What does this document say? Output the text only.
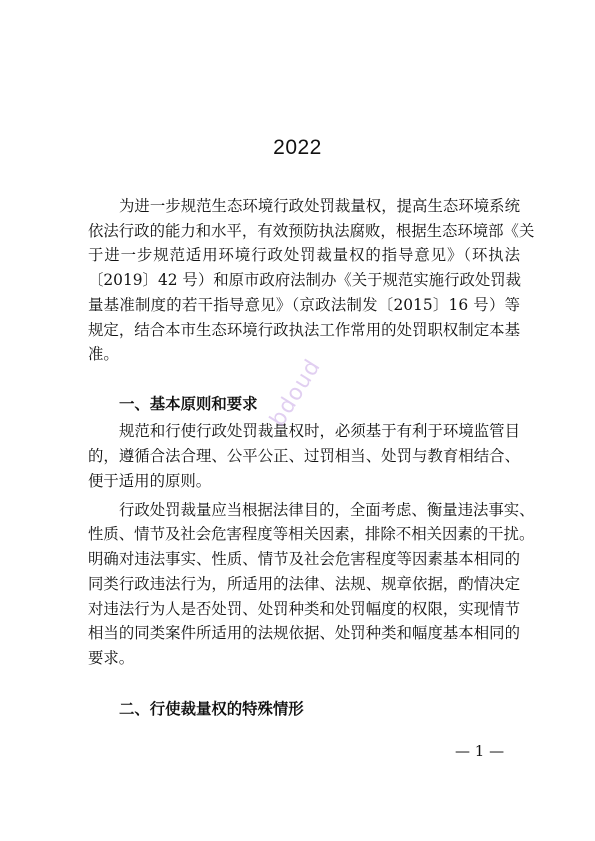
2022
为进一步规范生态环境行政处罚裁量权，提高生态环境系统
依法行政的能力和水平，有效预防执法腐败，根据生态环境部《关
于进一步规范适用环境行政处罚裁量权的指导意见》（环执法
〔2019〕42 号）和原市政府法制办《关于规范实施行政处罚裁
量基准制度的若干指导意见》（京政法制发〔2015〕16 号）等
规定，结合本市生态环境行政执法工作常用的处罚职权制定本基
准。
一、基本原则和要求
规范和行使行政处罚裁量权时，必须基于有利于环境监管目
的，遵循合法合理、公平公正、过罚相当、处罚与教育相结合、
便于适用的原则。
行政处罚裁量应当根据法律目的，全面考虑、衡量违法事实、
性质、情节及社会危害程度等相关因素，排除不相关因素的干扰。
明确对违法事实、性质、情节及社会危害程度等因素基本相同的
同类行政违法行为，所适用的法律、法规、规章依据，酌情决定
对违法行为人是否处罚、处罚种类和处罚幅度的权限，实现情节
相当的同类案件所适用的法规依据、处罚种类和幅度基本相同的
要求。
二、行使裁量权的特殊情形
bdoud
— 1 —
